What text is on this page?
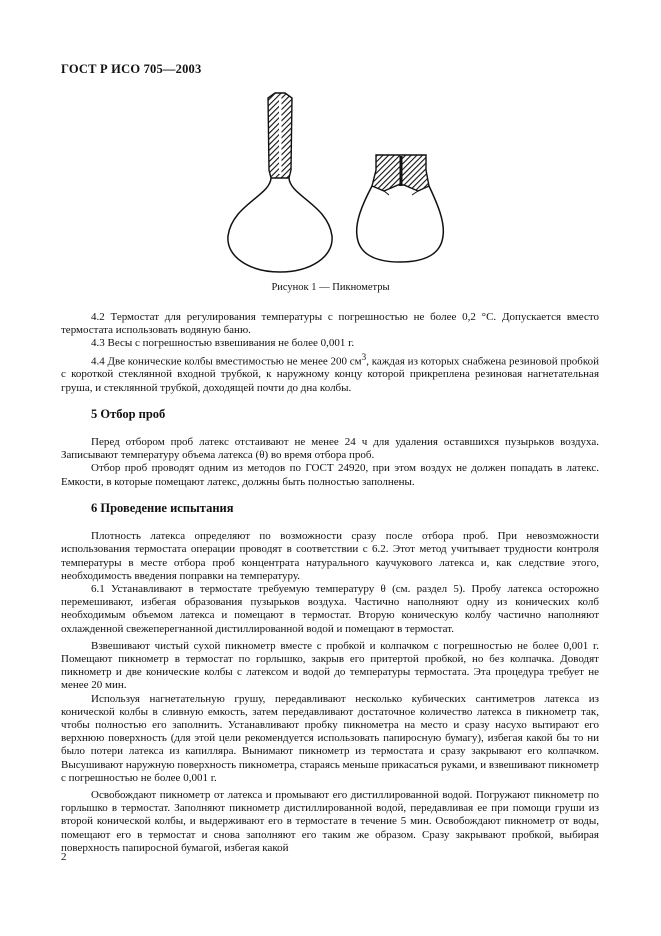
ГОСТ Р ИСО 705—2003
Рисунок 1 — Пикнометры

4.2 Термостат для регулирования температуры с погрешностью не более 0,2 °C. Допускается вместо термостата использовать водяную баню.

4.3 Весы с погрешностью взвешивания не более 0,001 г.

4.4 Две конические колбы вместимостью не менее 200 $см^3$, каждая из которых снабжена резиновой пробкой с короткой стеклянной входной трубкой, к наружному концу которой прикреплена резиновая нагнетательная груша, и стеклянной трубкой, доходящей почти до дна колбы.

5 Отбор проб

Перед отбором проб латекс отстаивают не менее 24 ч для удаления оставшихся пузырьков воздуха. Записывают температуру объема латекса (θ) во время отбора проб.

Отбор проб проводят одним из методов по ГОСТ 24920, при этом воздух не должен попадать в латекс. Емкости, в которые помещают латекс, должны быть полностью заполнены.

6 Проведение испытания

Плотность латекса определяют по возможности сразу после отбора проб. При невозможности использования термостата операции проводят в соответствии с 6.2. Этот метод учитывает трудности контроля температуры в месте отбора проб концентрата натурального каучукового латекса и, как следствие этого, необходимость введения поправки на температуру.

6.1 Устанавливают в термостате требуемую температуру θ (см. раздел 5). Пробу латекса осторожно перемешивают, избегая образования пузырьков воздуха. Частично наполняют одну из конических колб необходимым объемом латекса и помещают в термостат. Вторую коническую колбу частично наполняют охлажденной свежеперегнанной дистиллированной водой и помещают в термостат.

Взвешивают чистый сухой пикнометр вместе с пробкой и колпачком с погрешностью не более 0,001 г. Помещают пикнометр в термостат по горлышко, закрыв его притертой пробкой, но без колпачка. Доводят пикнометр и две конические колбы с латексом и водой до температуры термостата. Эта процедура требует не менее 20 мин.

Используя нагнетательную грушу, передавливают несколько кубических сантиметров латекса из конической колбы в сливную емкость, затем передавливают достаточное количество латекса в пикнометр так, чтобы полностью его заполнить. Устанавливают пробку пикнометра на место и сразу насухо вытирают его верхнюю поверхность (для этой цели рекомендуется использовать папиросную бумагу), избегая какой бы то ни было потери латекса из капилляра. Вынимают пикнометр из термостата и сразу закрывают его колпачком. Высушивают наружную поверхность пикнометра, стараясь меньше прикасаться руками, и взвешивают пикнометр с погрешностью не более 0,001 г.

Освобождают пикнометр от латекса и промывают его дистиллированной водой. Погружают пикнометр по горлышко в термостат. Заполняют пикнометр дистиллированной водой, передавливая ее при помощи груши из второй конической колбы, и выдерживают его в термостате в течение 5 мин. Освобождают пикнометр от воды, помещают его в термостат и снова заполняют его таким же образом. Сразу закрывают пробкой, выбирая поверхность папиросной бумагой, избегая какой

2
